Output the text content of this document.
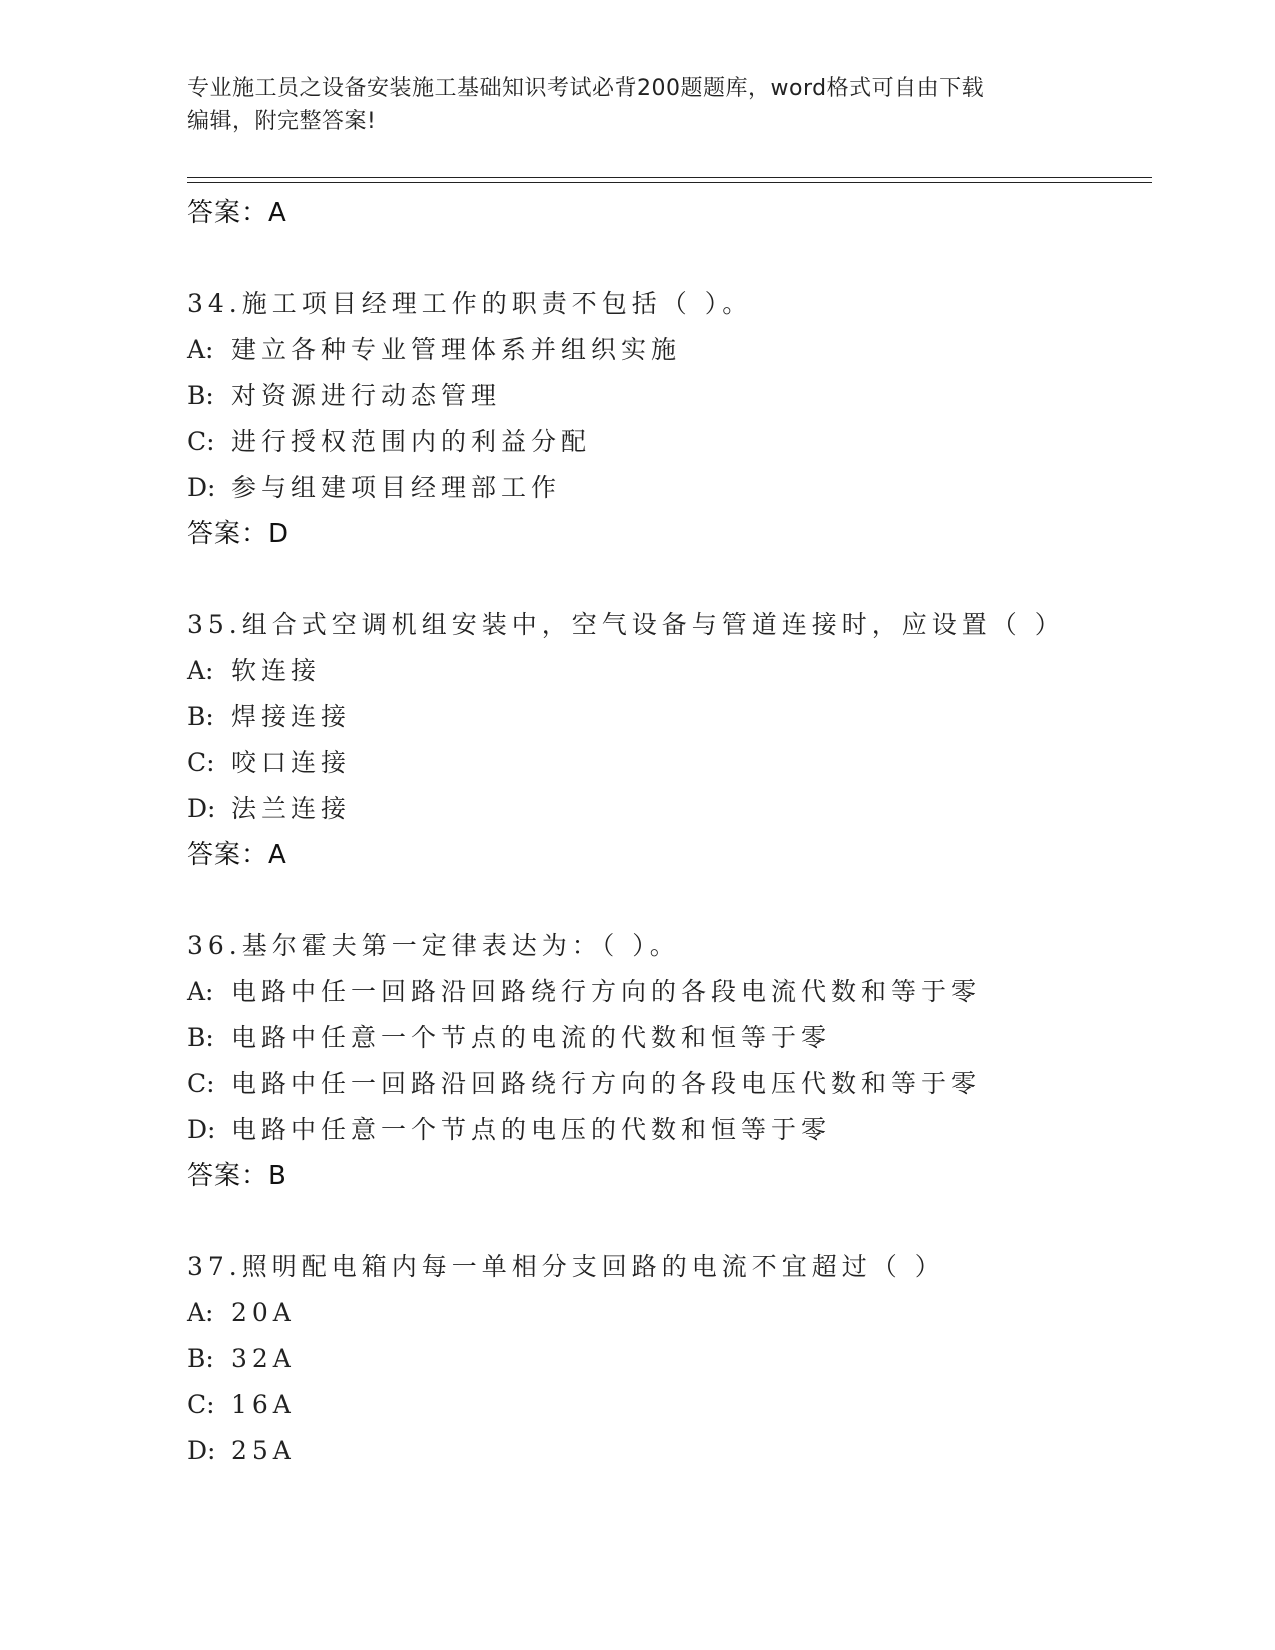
专业施工员之设备安装施工基础知识考试必背200题题库，word格式可自由下载
编辑，附完整答案!
答案：A
34.施工项目经理工作的职责不包括（ ）。
A: 建立各种专业管理体系并组织实施
B: 对资源进行动态管理
C: 进行授权范围内的利益分配
D: 参与组建项目经理部工作
答案：D
35.组合式空调机组安装中，空气设备与管道连接时，应设置（ ）
A: 软连接
B: 焊接连接
C: 咬口连接
D: 法兰连接
答案：A
36.基尔霍夫第一定律表达为：（ ）。
A: 电路中任一回路沿回路绕行方向的各段电流代数和等于零
B: 电路中任意一个节点的电流的代数和恒等于零
C: 电路中任一回路沿回路绕行方向的各段电压代数和等于零
D: 电路中任意一个节点的电压的代数和恒等于零
答案：B
37.照明配电箱内每一单相分支回路的电流不宜超过（ ）
A: 20A
B: 32A
C: 16A
D: 25A
